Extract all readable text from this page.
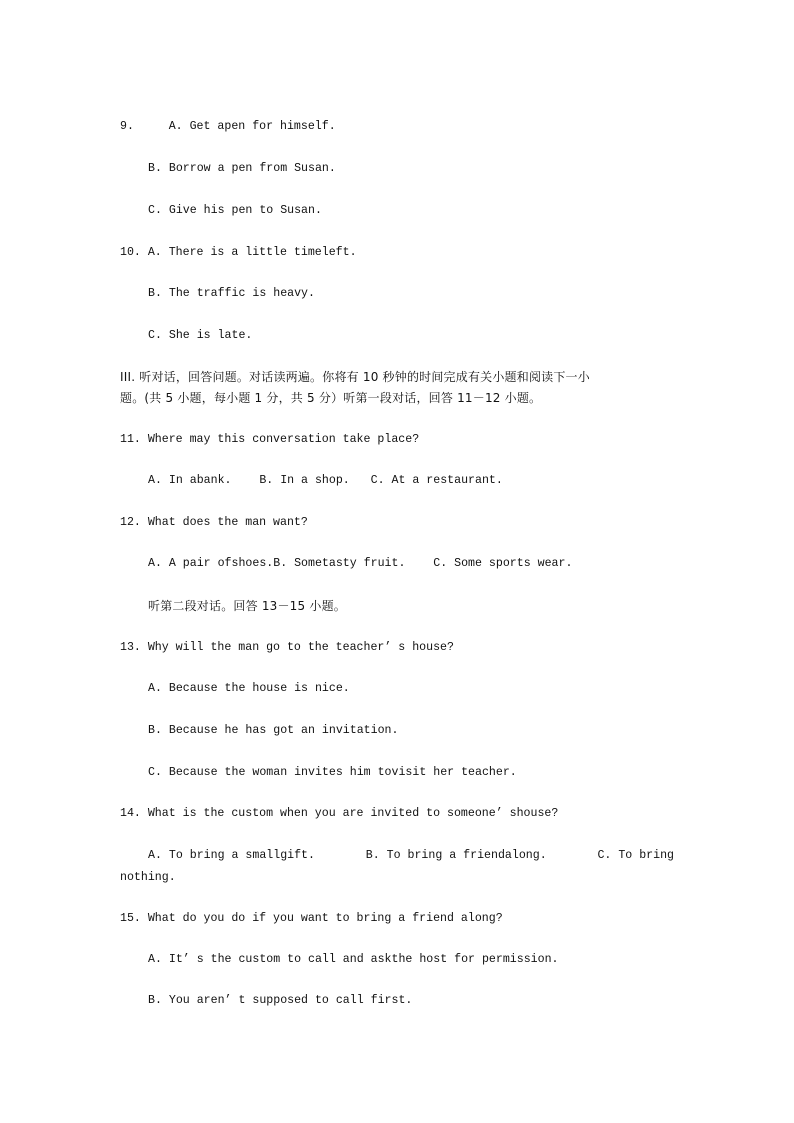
9.     A. Get apen for himself.
B. Borrow a pen from Susan.
C. Give his pen to Susan.
10. A. There is a little timeleft.
B. The traffic is heavy.
C. She is late.
III. 听对话，回答问题。对话读两遍。你将有 10 秒钟的时间完成有关小题和阅读下一小
题。(共 5 小题，每小题 1 分，共 5 分）听第一段对话，回答 11－12 小题。
11. Where may this conversation take place?
A. In abank.    B. In a shop.   C. At a restaurant.
12. What does the man want?
A. A pair ofshoes.B. Sometasty fruit.    C. Some sports wear.
听第二段对话。回答 13－15 小题。
13. Why will the man go to the teacher’ s house?
A. Because the house is nice.
B. Because he has got an invitation.
C. Because the woman invites him tovisit her teacher.
14. What is the custom when you are invited to someone’ shouse?
A. To bring a smallgift.	B. To bring a friendalong.	C. To bring
nothing.
15. What do you do if you want to bring a friend along?
A. It’ s the custom to call and askthe host for permission.
B. You aren’ t supposed to call first.
